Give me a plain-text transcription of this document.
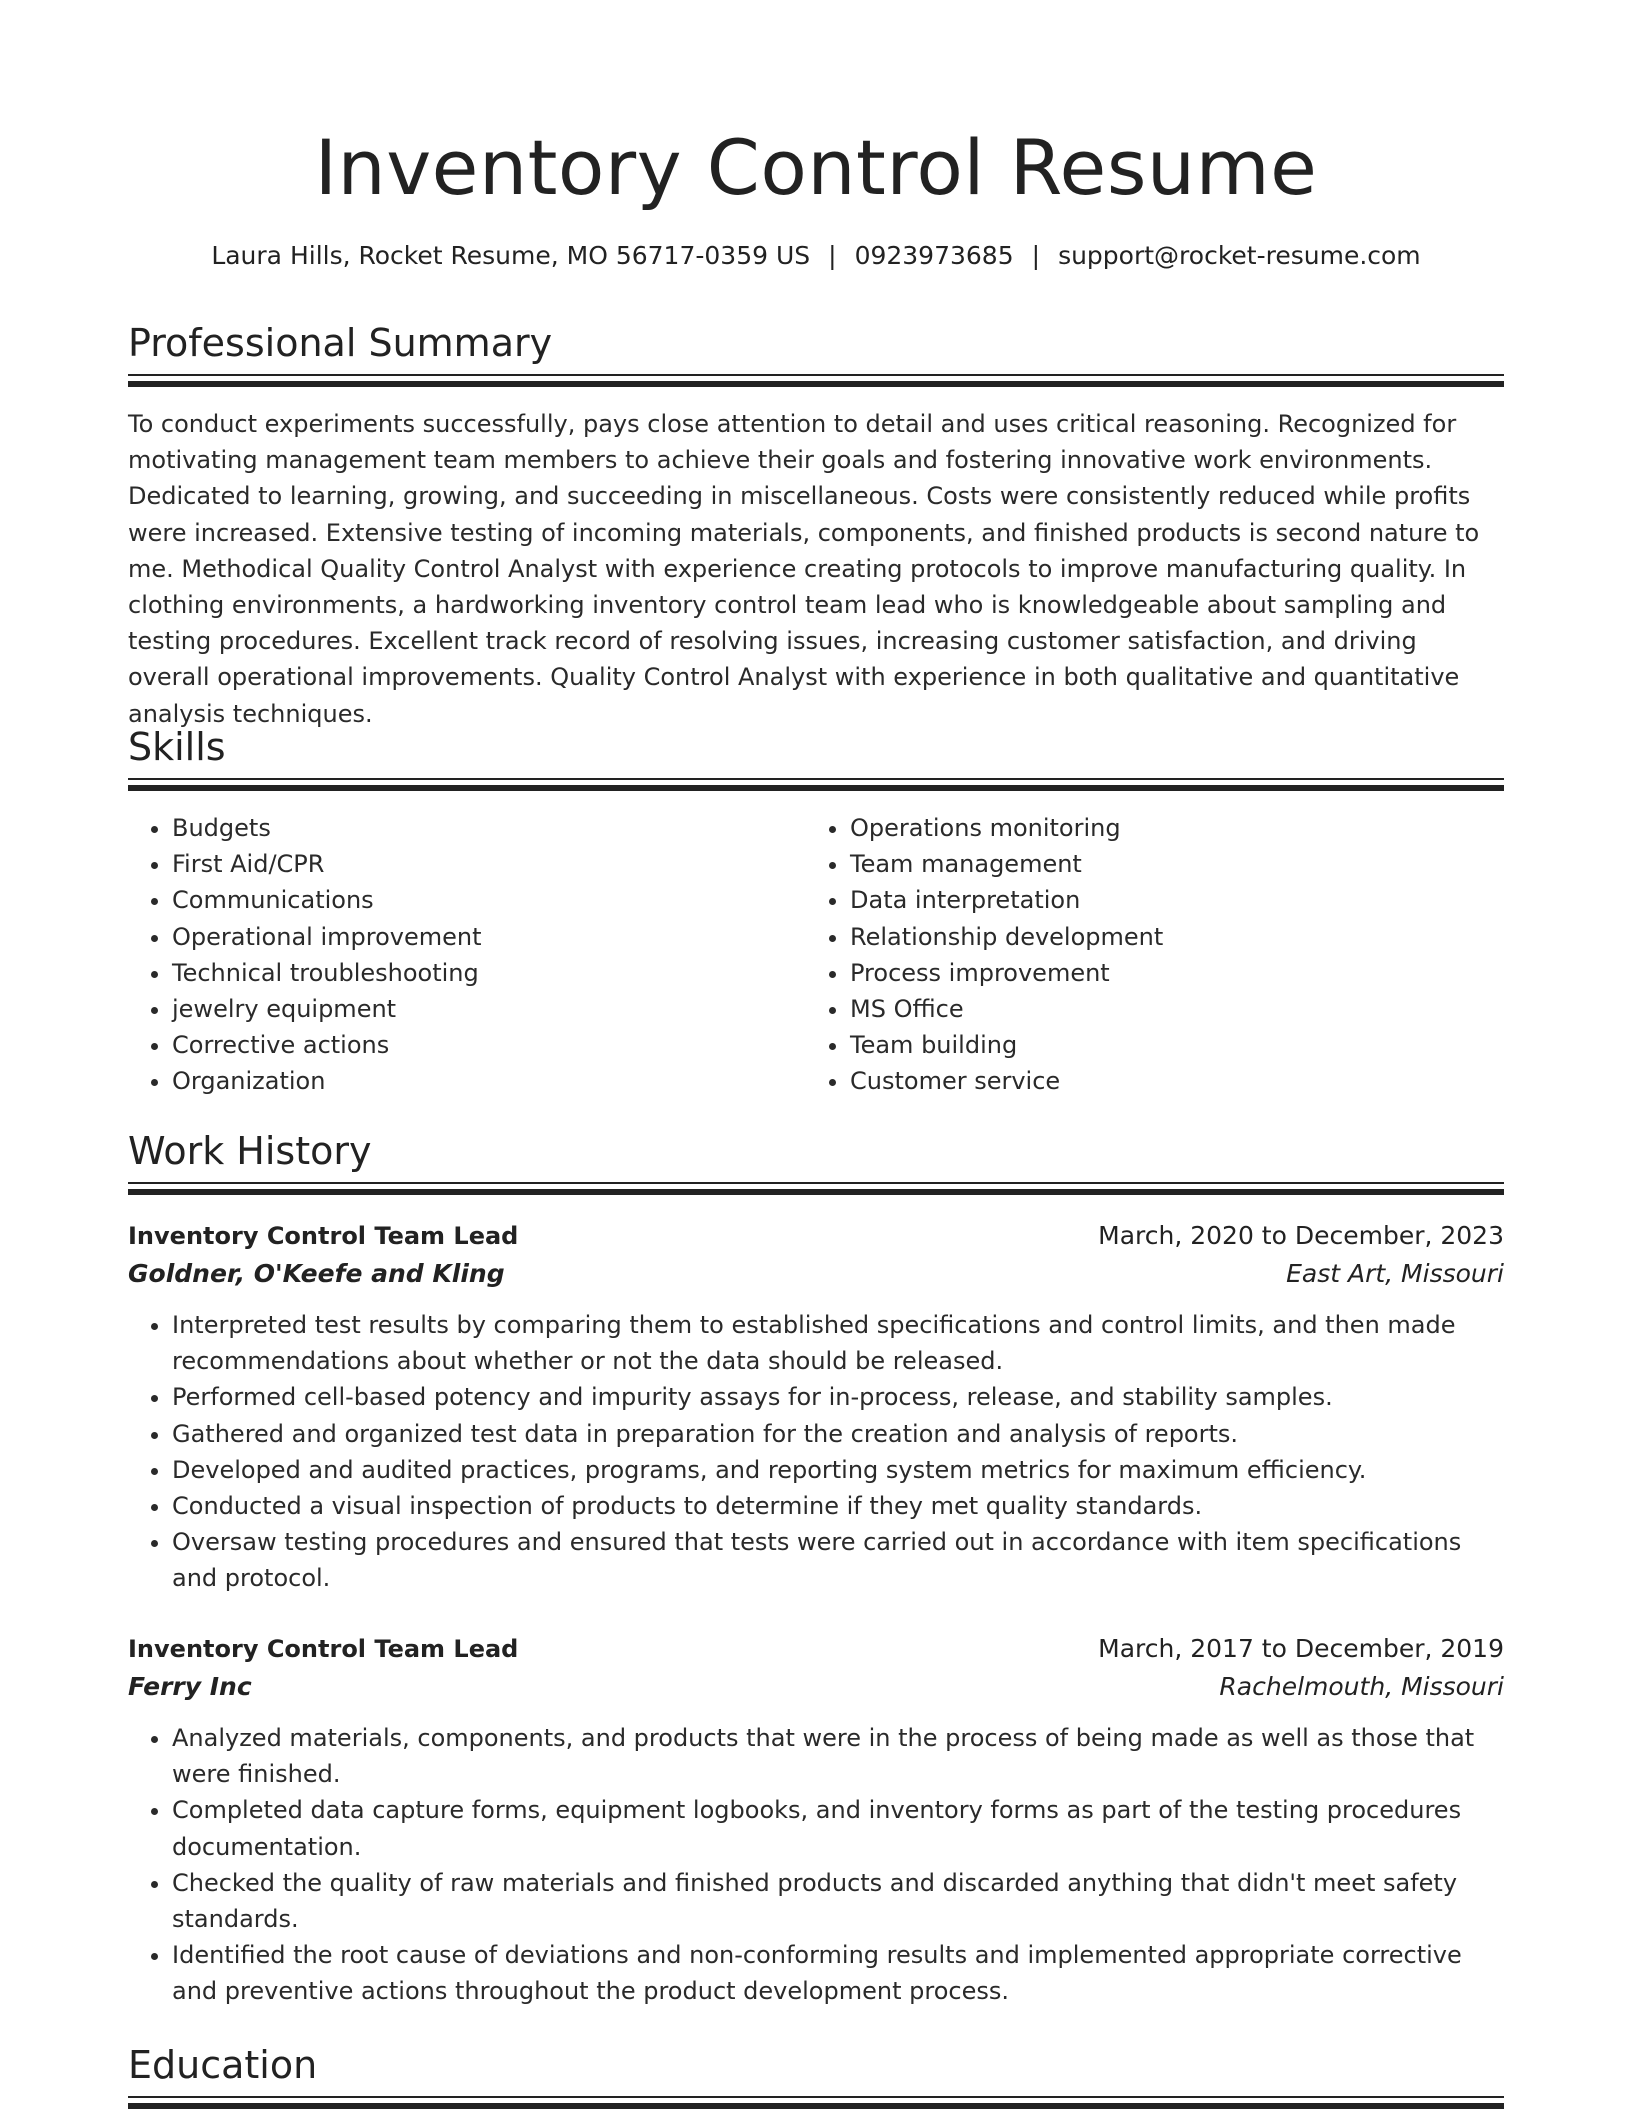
Inventory Control Resume
Laura Hills, Rocket Resume, MO 56717-0359 US | 0923973685 | support@rocket-resume.com
Professional Summary

To conduct experiments successfully, pays close attention to detail and uses critical reasoning. Recognized for motivating management team members to achieve their goals and fostering innovative work environments. Dedicated to learning, growing, and succeeding in miscellaneous. Costs were consistently reduced while profits were increased. Extensive testing of incoming materials, components, and finished products is second nature to me. Methodical Quality Control Analyst with experience creating protocols to improve manufacturing quality. In clothing environments, a hardworking inventory control team lead who is knowledgeable about sampling and testing procedures. Excellent track record of resolving issues, increasing customer satisfaction, and driving overall operational improvements. Quality Control Analyst with experience in both qualitative and quantitative analysis techniques.

Skills
• Budgets
• First Aid/CPR
• Communications
• Operational improvement
• Technical troubleshooting
• jewelry equipment
• Corrective actions
• Organization
• Operations monitoring
• Team management
• Data interpretation
• Relationship development
• Process improvement
• MS Office
• Team building
• Customer service
Work History
Inventory Control Team Lead	March, 2020 to December, 2023
Goldner, O'Keefe and Kling	East Art, Missouri
• Interpreted test results by comparing them to established specifications and control limits, and then made recommendations about whether or not the data should be released.
• Performed cell-based potency and impurity assays for in-process, release, and stability samples.
• Gathered and organized test data in preparation for the creation and analysis of reports.
• Developed and audited practices, programs, and reporting system metrics for maximum efficiency.
• Conducted a visual inspection of products to determine if they met quality standards.
• Oversaw testing procedures and ensured that tests were carried out in accordance with item specifications and protocol.
Inventory Control Team Lead	March, 2017 to December, 2019
Ferry Inc	Rachelmouth, Missouri
• Analyzed materials, components, and products that were in the process of being made as well as those that were finished.
• Completed data capture forms, equipment logbooks, and inventory forms as part of the testing procedures documentation.
• Checked the quality of raw materials and finished products and discarded anything that didn't meet safety standards.
• Identified the root cause of deviations and non-conforming results and implemented appropriate corrective and preventive actions throughout the product development process.
Education
